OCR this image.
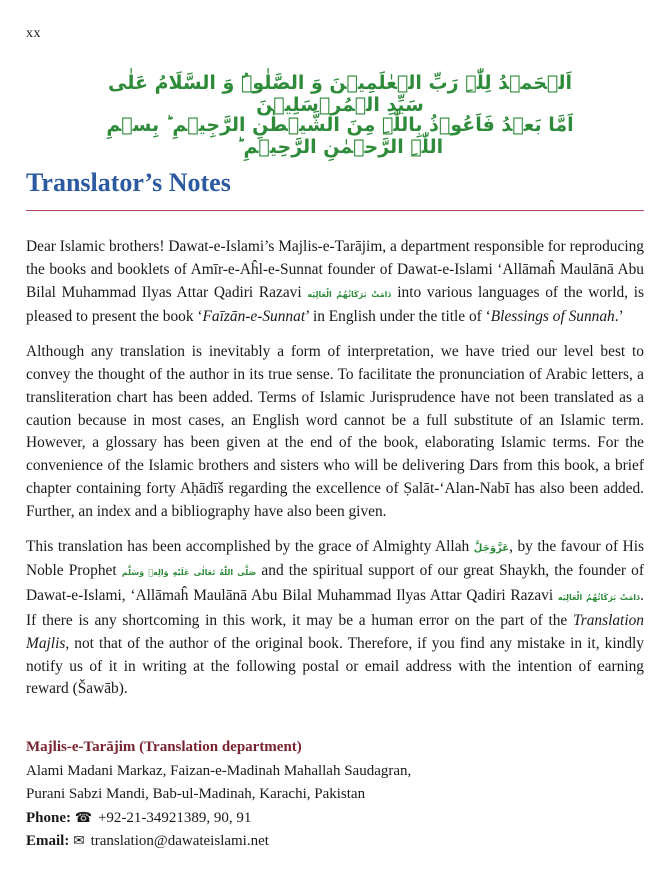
xx
اَلۡحَمۡدُ لِلّٰہِ رَبِّ الۡعٰلَمِیۡنَ وَ الصَّلٰوۃُ وَ السَّلَامُ عَلٰی سَیِّدِ الۡمُرۡسَلِیۡنَ
اَمَّا بَعۡدُ فَاَعُوۡذُ بِاللّٰہِ مِنَ الشَّیۡطٰنِ الرَّجِیۡمِ ؕ بِسۡمِ اللّٰہِ الرَّحۡمٰنِ الرَّحِیۡمِ ؕ
Translator’s Notes

Dear Islamic brothers! Dawat-e-Islami’s Majlis-e-Tarājim, a department responsible for reproducing the books and booklets of Amīr-e-Aĥl-e-Sunnat founder of Dawat-e-Islami ‘Allāmaĥ Maulānā Abu Bilal Muhammad Ilyas Attar Qadiri Razavi دَامَتْ بَرَكَاتُهُمُ الْعَالِيَه into various languages of the world, is pleased to present the book ‘Faīzān-e-Sunnat’ in English under the title of ‘Blessings of Sunnah.’

Although any translation is inevitably a form of interpretation, we have tried our level best to convey the thought of the author in its true sense. To facilitate the pronunciation of Arabic letters, a transliteration chart has been added. Terms of Islamic Jurisprudence have not been translated as a caution because in most cases, an English word cannot be a full substitute of an Islamic term. However, a glossary has been given at the end of the book, elaborating Islamic terms. For the convenience of the Islamic brothers and sisters who will be delivering Dars from this book, a brief chapter containing forty Aḥādīš regarding the excellence of Ṣalāt-‘Alan-Nabī has also been added. Further, an index and a bibliography have also been given.

This translation has been accomplished by the grace of Almighty Allah عَزَّوَجَلَّ, by the favour of His Noble Prophet صَلَّى اللّٰهُ تَعَالٰى عَلَيْهِ وَالِهٖ وَسَلَّم and the spiritual support of our great Shaykh, the founder of Dawat-e-Islami, ‘Allāmaĥ Maulānā Abu Bilal Muhammad Ilyas Attar Qadiri Razavi دَامَتْ بَرَكَاتُهُمُ الْعَالِيَه. If there is any shortcoming in this work, it may be a human error on the part of the Translation Majlis, not that of the author of the original book. Therefore, if you find any mistake in it, kindly notify us of it in writing at the following postal or email address with the intention of earning reward (Šawāb).

Majlis-e-Tarājim (Translation department)
Alami Madani Markaz, Faizan-e-Madinah Mahallah Saudagran,
Purani Sabzi Mandi, Bab-ul-Madinah, Karachi, Pakistan
Phone: ☎ +92-21-34921389, 90, 91
Email: ✉ translation@dawateislami.net
